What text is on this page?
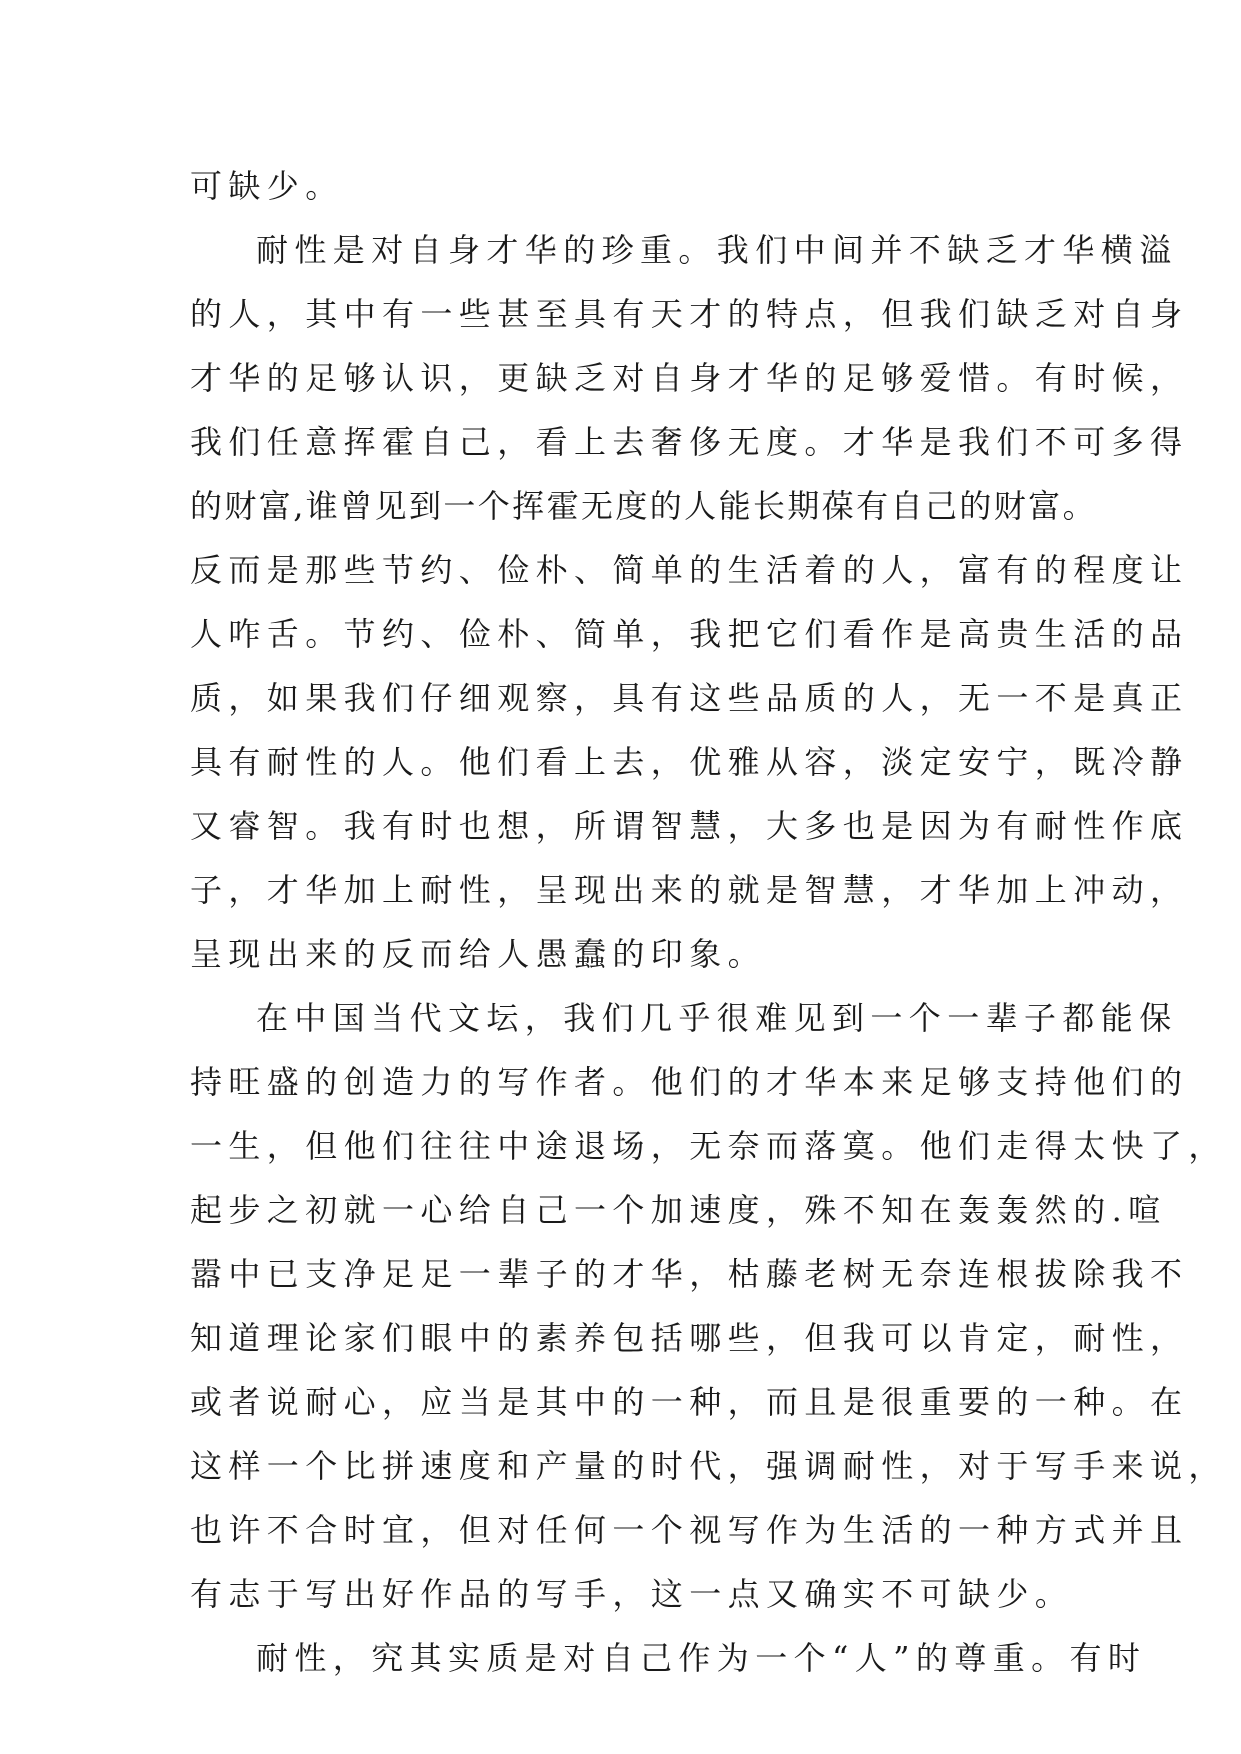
可缺少。
耐性是对自身才华的珍重。我们中间并不缺乏才华横溢
的人，其中有一些甚至具有天才的特点，但我们缺乏对自身
才华的足够认识，更缺乏对自身才华的足够爱惜。有时候，
我们任意挥霍自己，看上去奢侈无度。才华是我们不可多得
的财富,谁曾见到一个挥霍无度的人能长期葆有自己的财富。
反而是那些节约、俭朴、简单的生活着的人，富有的程度让
人咋舌。节约、俭朴、简单，我把它们看作是高贵生活的品
质，如果我们仔细观察，具有这些品质的人，无一不是真正
具有耐性的人。他们看上去，优雅从容，淡定安宁，既冷静
又睿智。我有时也想，所谓智慧，大多也是因为有耐性作底
子，才华加上耐性，呈现出来的就是智慧，才华加上冲动，
呈现出来的反而给人愚蠢的印象。
在中国当代文坛，我们几乎很难见到一个一辈子都能保
持旺盛的创造力的写作者。他们的才华本来足够支持他们的
一生，但他们往往中途退场，无奈而落寞。他们走得太快了，
起步之初就一心给自己一个加速度，殊不知在轰轰然的.喧
嚣中已支净足足一辈子的才华，枯藤老树无奈连根拔除我不
知道理论家们眼中的素养包括哪些，但我可以肯定，耐性，
或者说耐心，应当是其中的一种，而且是很重要的一种。在
这样一个比拼速度和产量的时代，强调耐性，对于写手来说，
也许不合时宜，但对任何一个视写作为生活的一种方式并且
有志于写出好作品的写手，这一点又确实不可缺少。
耐性，究其实质是对自己作为一个“人”的尊重。有时
